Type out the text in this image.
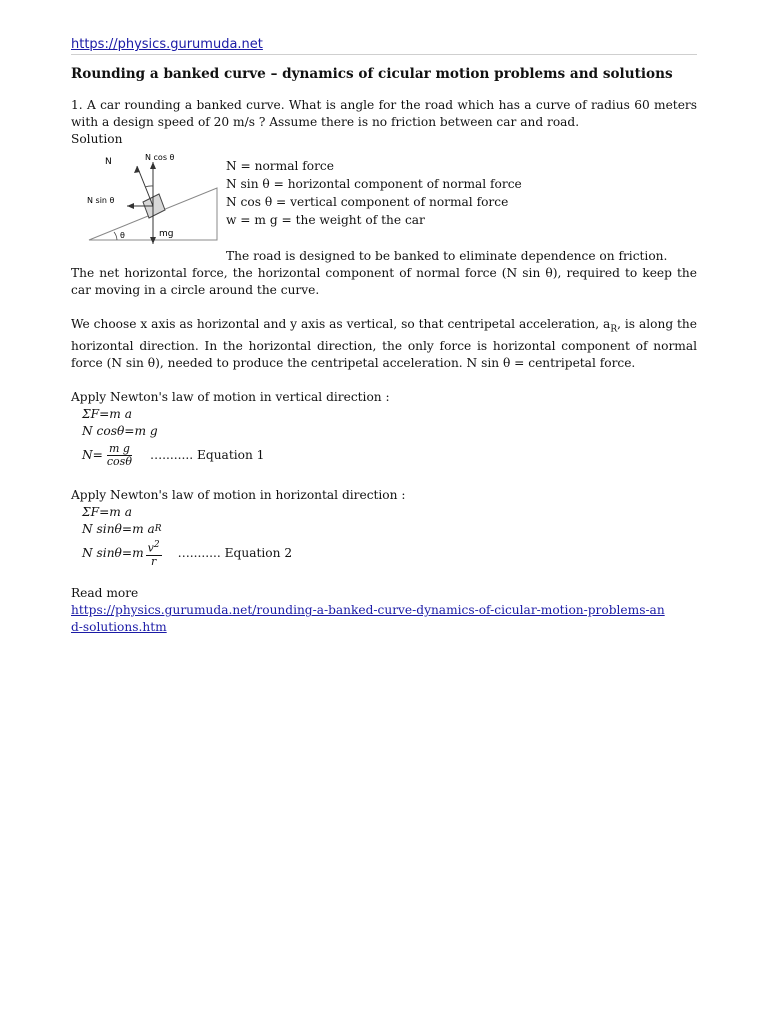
https://physics.gurumuda.net
Rounding a banked curve – dynamics of cicular motion problems and solutions

1. A car rounding a banked curve. What is angle for the road which has a curve of radius 60 meters with a design speed of 20 m/s ? Assume there is no friction between car and road.

Solution

N	N cos θ
N sin θ
θ	mg
N = normal force
N sin θ = horizontal component of normal force
N cos θ = vertical component of normal force
w = m g = the weight of the car

The road is designed to be banked to eliminate dependence on friction.

The net horizontal force, the horizontal component of normal force (N sin θ), required to keep the car moving in a circle around the curve.

We choose x axis as horizontal and y axis as vertical, so that centripetal acceleration, $a_R$, is along the horizontal direction. In the horizontal direction, the only force is horizontal component of normal force (N sin θ), needed to produce the centripetal acceleration. N sin θ = centripetal force.

Apply Newton's law of motion in vertical direction :

ΣF=m a
N cosθ=m g
$N= \frac{\text{m g}}{\cos\theta}$ …........ Equation 1

Apply Newton's law of motion in horizontal direction :

ΣF=m a
N sinθ=m a R
N $\sin\theta=m \frac{v^2}{r}$ …........ Equation 2

Read more

https://physics.gurumuda.net/rounding-a-banked-curve-dynamics-of-cicular-motion-problems-and-solutions.htm
